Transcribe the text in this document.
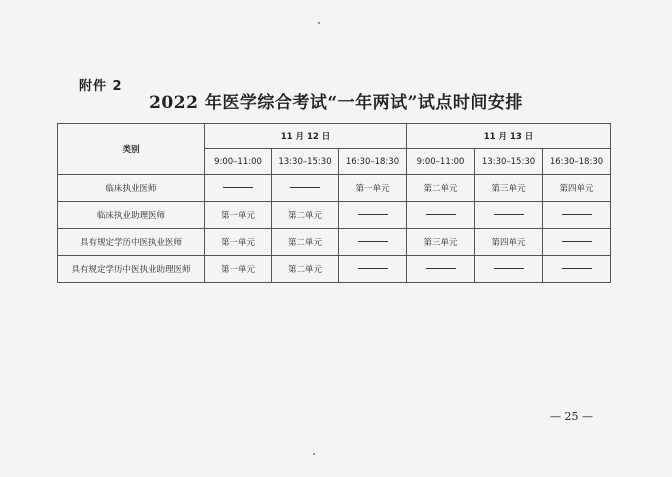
附件 2
2022 年医学综合考试“一年两试”试点时间安排
类别	11 月 12 日			11 月 13 日		
	9:00–11:00	13:30–15:30	16:30–18:30	9:00–11:00	13:30–15:30	16:30–18:30
临床执业医师			第一单元	第二单元	第三单元	第四单元
临床执业助理医师	第一单元	第二单元				
具有规定学历中医执业医师	第一单元	第二单元		第三单元	第四单元	
具有规定学历中医执业助理医师	第一单元	第二单元				
— 25 —
